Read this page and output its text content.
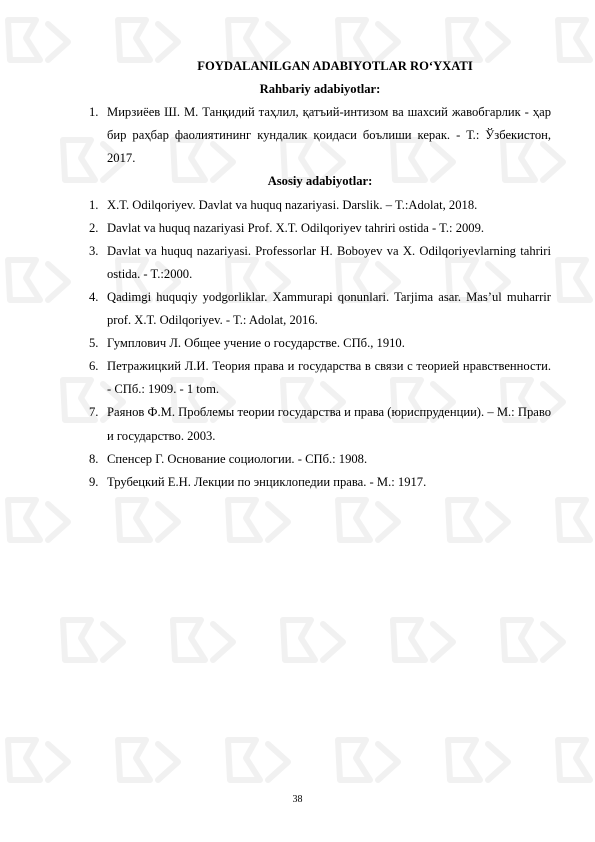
FOYDALANILGAN ADABIYOTLAR RO‘YXATI

Rahbariy adabiyotlar:

1. Мирзиёев Ш. М. Танқидий таҳлил, қатъий-интизом ва шахсий жавобгарлик - ҳар бир раҳбар фаолиятининг кундалик қоидаси боълиши керак. - Т.: Ўзбекистон, 2017.

Asosiy adabiyotlar:

1. X.T. Odilqoriyev. Davlat va huquq nazariyasi. Darslik. – T.:Adolat, 2018.
2. Davlat va huquq nazariyasi Prof. X.T. Odilqoriyev tahriri ostida - T.: 2009.
3. Davlat va huquq nazariyasi. Professorlar H. Boboyev va X. Odilqoriyevlarning tahriri ostida. - T.:2000.
4. Qadimgi huquqiy yodgorliklar. Xammurapi qonunlari. Tarjima asar. Mas’ul muharrir prof. X.T. Odilqoriyev. - T.: Adolat, 2016.
5. Гумплович Л. Общее учение о государстве. СПб., 1910.
6. Петражицкий Л.И. Теория права и государства в связи с теорией нравственности. - СПб.: 1909. - 1 tom.
7. Раянов Ф.М. Проблемы теории государства и права (юриспруденции). – М.: Право и государство. 2003.
8. Спенсер Г. Основание социологии. - СПб.: 1908.
9. Трубецкий Е.Н. Лекции по энциклопедии права. - М.: 1917.
38
